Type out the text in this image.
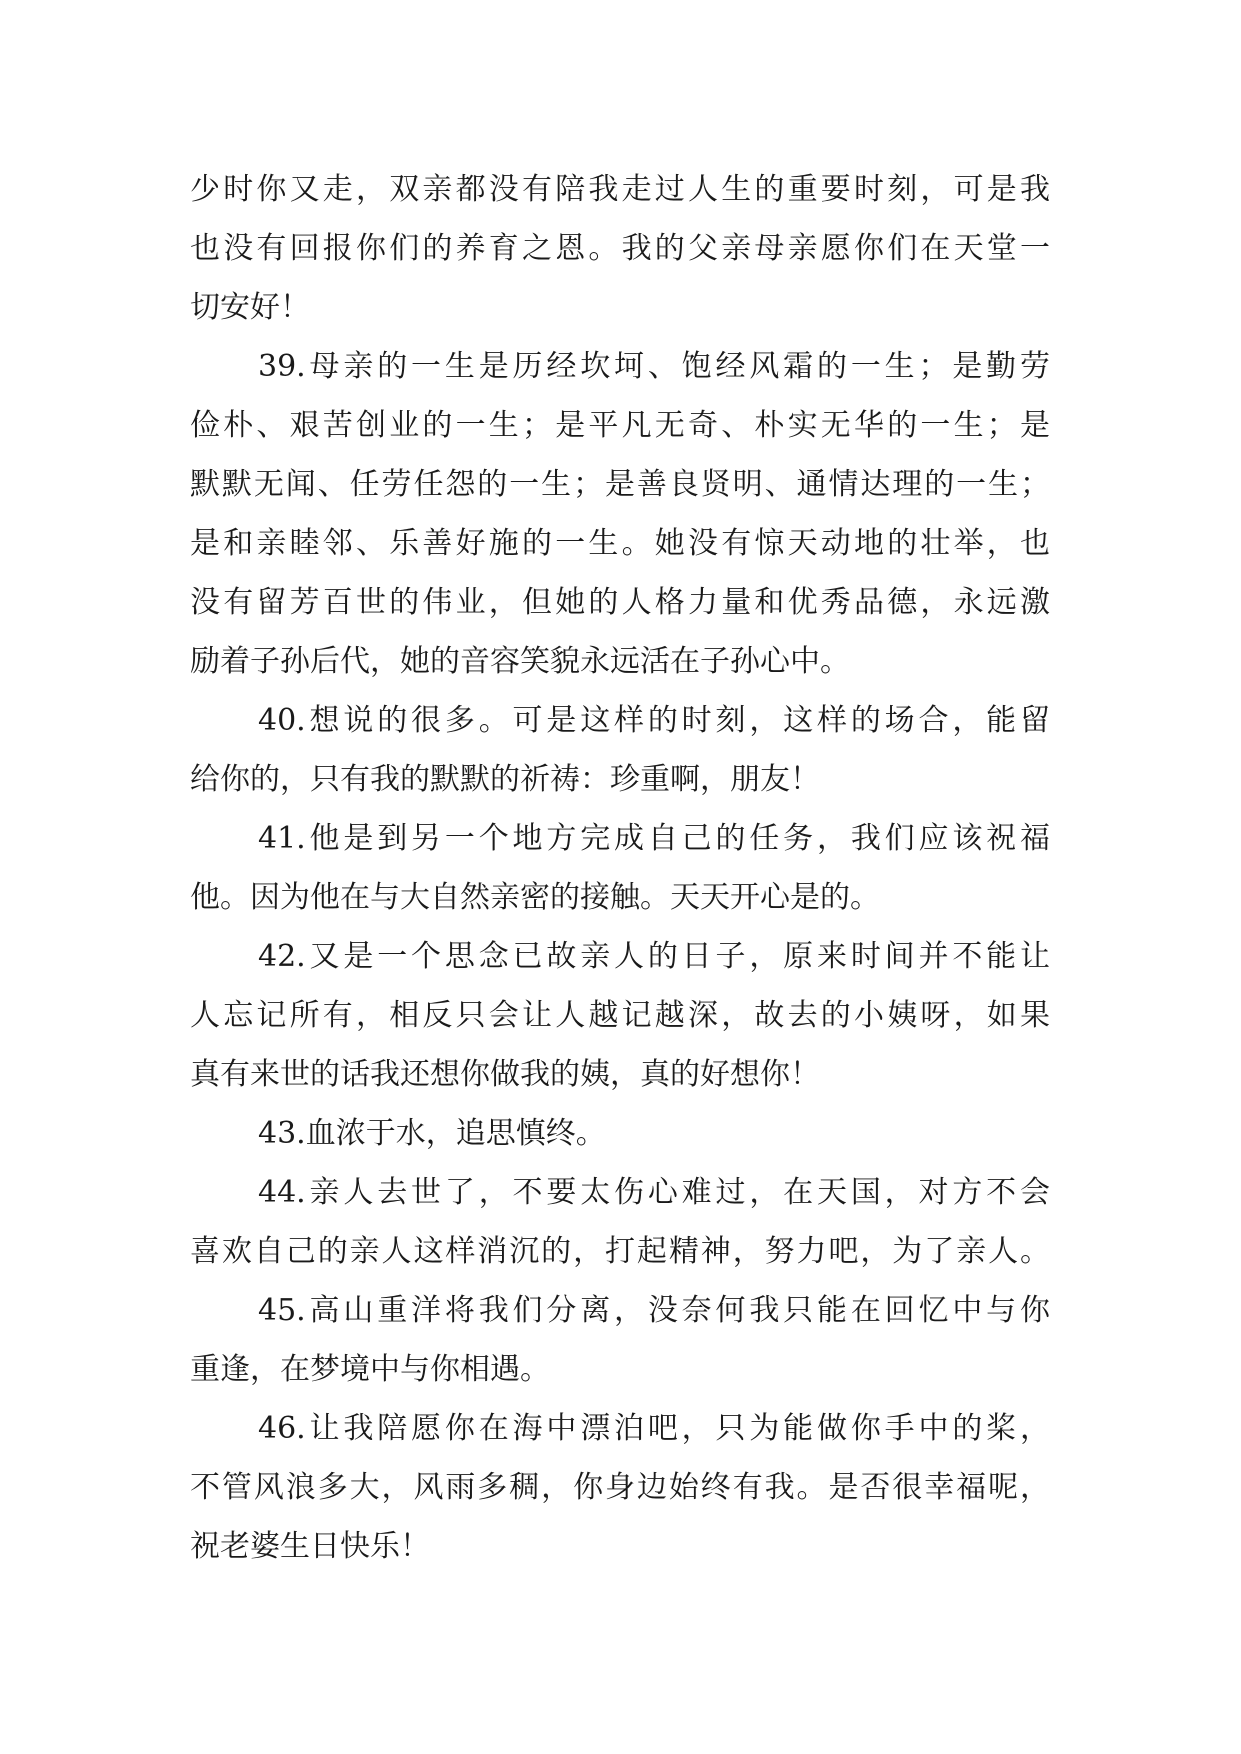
少时你又走，双亲都没有陪我走过人生的重要时刻，可是我
也没有回报你们的养育之恩。我的父亲母亲愿你们在天堂一
切安好！
39.母亲的一生是历经坎坷、饱经风霜的一生；是勤劳
俭朴、艰苦创业的一生；是平凡无奇、朴实无华的一生；是
默默无闻、任劳任怨的一生；是善良贤明、通情达理的一生；
是和亲睦邻、乐善好施的一生。她没有惊天动地的壮举，也
没有留芳百世的伟业，但她的人格力量和优秀品德，永远激
励着子孙后代，她的音容笑貌永远活在子孙心中。
40.想说的很多。可是这样的时刻，这样的场合，能留
给你的，只有我的默默的祈祷：珍重啊，朋友！
41.他是到另一个地方完成自己的任务，我们应该祝福
他。因为他在与大自然亲密的接触。天天开心是的。
42.又是一个思念已故亲人的日子，原来时间并不能让
人忘记所有，相反只会让人越记越深，故去的小姨呀，如果
真有来世的话我还想你做我的姨，真的好想你！
43.血浓于水，追思慎终。
44.亲人去世了，不要太伤心难过，在天国，对方不会
喜欢自己的亲人这样消沉的，打起精神，努力吧，为了亲人。
45.高山重洋将我们分离，没奈何我只能在回忆中与你
重逢，在梦境中与你相遇。
46.让我陪愿你在海中漂泊吧，只为能做你手中的桨，
不管风浪多大，风雨多稠，你身边始终有我。是否很幸福呢，
祝老婆生日快乐！
